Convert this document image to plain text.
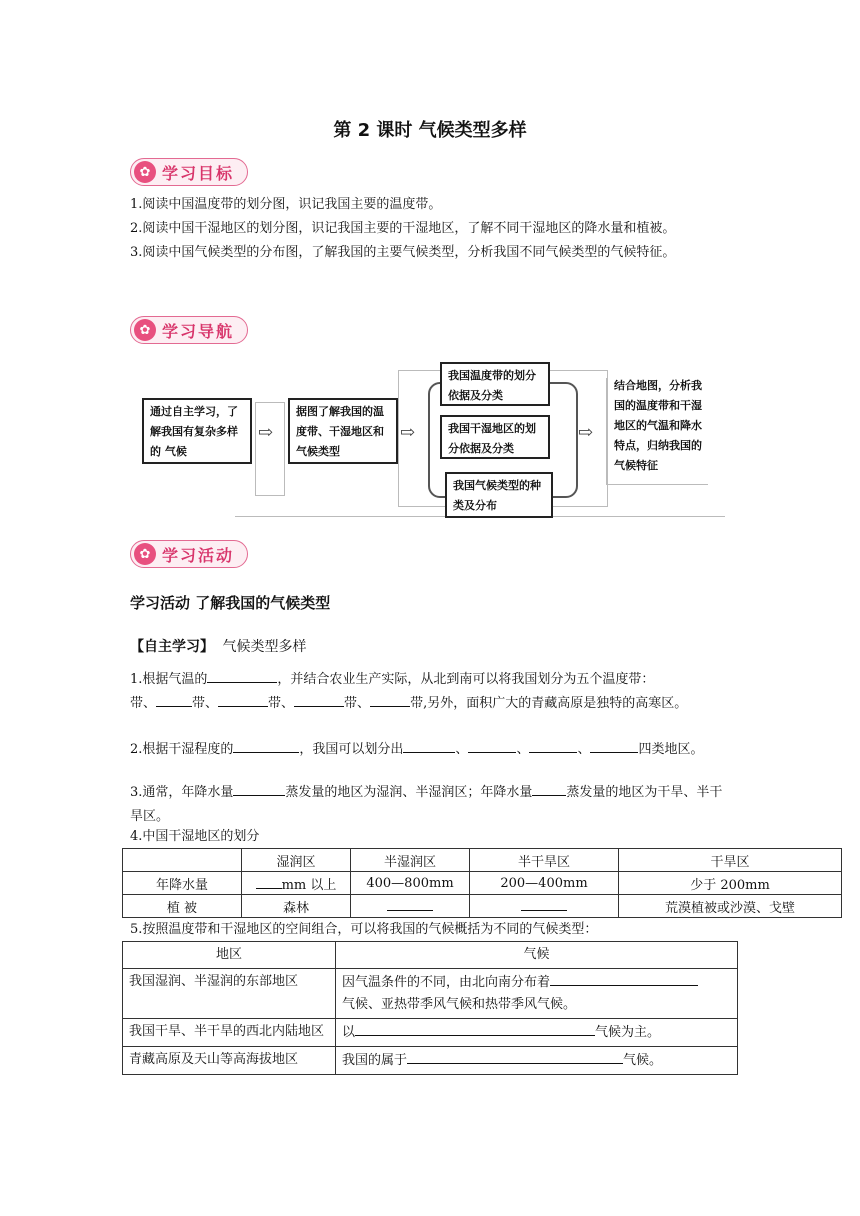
第 2 课时 气候类型多样
✿ 学习目标
1.阅读中国温度带的划分图，识记我国主要的温度带。
2.阅读中国干湿地区的划分图，识记我国主要的干湿地区，了解不同干湿地区的降水量和植被。
3.阅读中国气候类型的分布图，了解我国的主要气候类型，分析我国不同气候类型的气候特征。
✿ 学习导航
通过自主学习，了解我国有复杂多样的 气候
⇨
据图了解我国的温度带、干湿地区和气候类型
⇨
我国温度带的划分依据及分类
我国干湿地区的划分依据及分类
我国气候类型的种类及分布
⇨
结合地图，分析我国的温度带和干湿地区的气温和降水特点，归纳我国的气候特征
✿ 学习活动
学习活动 了解我国的气候类型
【自主学习】 气候类型多样
1.根据气温的	，并结合农业生产实际，从北到南可以将我国划分为五个温度带：
带、	带、	带、	带、	带,另外，面积广大的青藏高原是独特的高寒区。
2.根据干湿程度的	，我国可以划分出	、	、	、	四类地区。
3.通常，年降水量	蒸发量的地区为湿润、半湿润区；年降水量	蒸发量的地区为干旱、半干旱区。
4.中国干湿地区的划分
	湿润区	半湿润区	半干旱区	干旱区
年降水量	mm 以上	400—800mm	200—400mm	少于 200mm
植 被	森林			荒漠植被或沙漠、戈壁
5.按照温度带和干湿地区的空间组合，可以将我国的气候概括为不同的气候类型：
地区	气候
我国湿润、半湿润的东部地区	因气温条件的不同，由北向南分布着
气候、亚热带季风气候和热带季风气候。
我国干旱、半干旱的西北内陆地区	以 气候为主。
青藏高原及天山等高海拔地区	我国的属于 气候。
